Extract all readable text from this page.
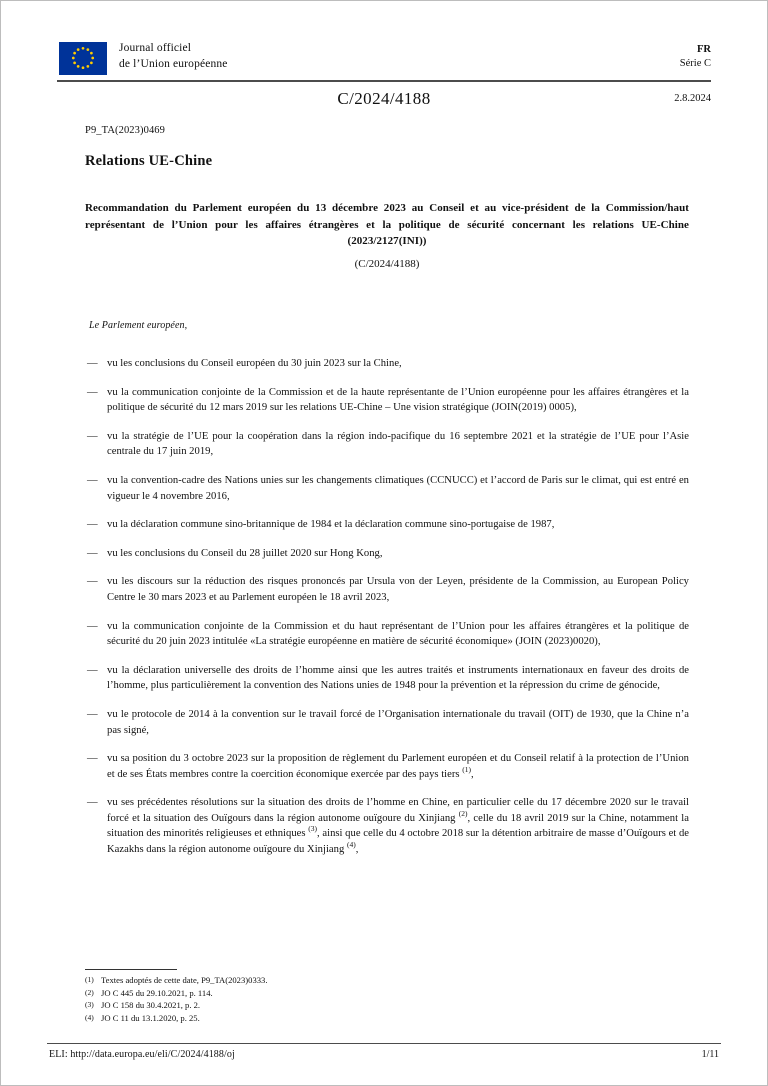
Journal officiel
de l’Union européenne
FR
Série C
C/2024/4188	2.8.2024
P9_TA(2023)0469
Relations UE-Chine
Recommandation du Parlement européen du 13 décembre 2023 au Conseil et au vice-président de la Commission/haut représentant de l’Union pour les affaires étrangères et la politique de sécurité concernant les relations UE-Chine (2023/2127(INI))
(C/2024/4188)
Le Parlement européen,
— vu les conclusions du Conseil européen du 30 juin 2023 sur la Chine,
— vu la communication conjointe de la Commission et de la haute représentante de l’Union européenne pour les affaires étrangères et la politique de sécurité du 12 mars 2019 sur les relations UE-Chine – Une vision stratégique (JOIN(2019) 0005),
— vu la stratégie de l’UE pour la coopération dans la région indo-pacifique du 16 septembre 2021 et la stratégie de l’UE pour l’Asie centrale du 17 juin 2019,
— vu la convention-cadre des Nations unies sur les changements climatiques (CCNUCC) et l’accord de Paris sur le climat, qui est entré en vigueur le 4 novembre 2016,
— vu la déclaration commune sino-britannique de 1984 et la déclaration commune sino-portugaise de 1987,
— vu les conclusions du Conseil du 28 juillet 2020 sur Hong Kong,
— vu les discours sur la réduction des risques prononcés par Ursula von der Leyen, présidente de la Commission, au European Policy Centre le 30 mars 2023 et au Parlement européen le 18 avril 2023,
— vu la communication conjointe de la Commission et du haut représentant de l’Union pour les affaires étrangères et la politique de sécurité du 20 juin 2023 intitulée «La stratégie européenne en matière de sécurité économique» (JOIN (2023)0020),
— vu la déclaration universelle des droits de l’homme ainsi que les autres traités et instruments internationaux en faveur des droits de l’homme, plus particulièrement la convention des Nations unies de 1948 pour la prévention et la répression du crime de génocide,
— vu le protocole de 2014 à la convention sur le travail forcé de l’Organisation internationale du travail (OIT) de 1930, que la Chine n’a pas signé,
— vu sa position du 3 octobre 2023 sur la proposition de règlement du Parlement européen et du Conseil relatif à la protection de l’Union et de ses États membres contre la coercition économique exercée par des pays tiers $^{(1)}$,
— vu ses précédentes résolutions sur la situation des droits de l’homme en Chine, en particulier celle du 17 décembre 2020 sur le travail forcé et la situation des Ouïgours dans la région autonome ouïgoure du Xinjiang $^{(2)}$, celle du 18 avril 2019 sur la Chine, notamment la situation des minorités religieuses et ethniques $^{(3)}$, ainsi que celle du 4 octobre 2018 sur la détention arbitraire de masse d’Ouïgours et de Kazakhs dans la région autonome ouïgoure du Xinjiang $^{(4)}$,
(1) Textes adoptés de cette date, P9_TA(2023)0333.
(2) JO C 445 du 29.10.2021, p. 114.
(3) JO C 158 du 30.4.2021, p. 2.
(4) JO C 11 du 13.1.2020, p. 25.
ELI: http://data.europa.eu/eli/C/2024/4188/oj	1/11
